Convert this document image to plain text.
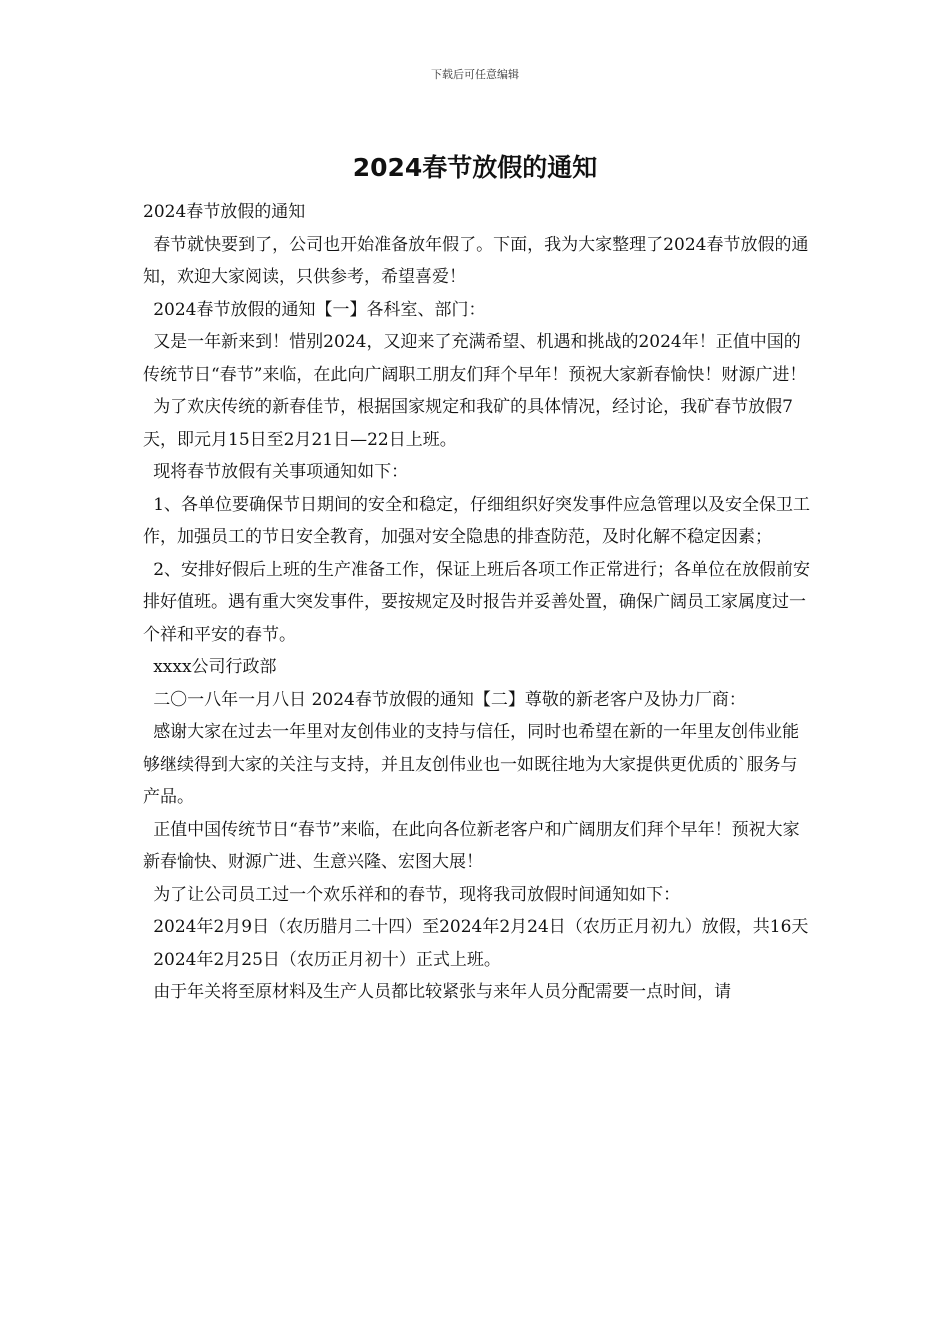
下载后可任意编辑
2024春节放假的通知

2024春节放假的通知

春节就快要到了，公司也开始准备放年假了。下面，我为大家整理了2024春节放假的通知，欢迎大家阅读，只供参考，希望喜爱！

2024春节放假的通知【一】各科室、部门：

又是一年新来到！惜别2024，又迎来了充满希望、机遇和挑战的2024年！正值中国的传统节日“春节”来临，在此向广阔职工朋友们拜个早年！预祝大家新春愉快！财源广进！

为了欢庆传统的新春佳节，根据国家规定和我矿的具体情况，经讨论，我矿春节放假7天，即元月15日至2月21日—22日上班。

现将春节放假有关事项通知如下：

1、各单位要确保节日期间的安全和稳定，仔细组织好突发事件应急管理以及安全保卫工作，加强员工的节日安全教育，加强对安全隐患的排查防范，及时化解不稳定因素；

2、安排好假后上班的生产准备工作，保证上班后各项工作正常进行；各单位在放假前安排好值班。遇有重大突发事件，要按规定及时报告并妥善处置，确保广阔员工家属度过一个祥和平安的春节。

xxxx公司行政部

二〇一八年一月八日 2024春节放假的通知【二】尊敬的新老客户及协力厂商：

感谢大家在过去一年里对友创伟业的支持与信任，同时也希望在新的一年里友创伟业能够继续得到大家的关注与支持，并且友创伟业也一如既往地为大家提供更优质的`服务与产品。

正值中国传统节日“春节”来临，在此向各位新老客户和广阔朋友们拜个早年！预祝大家新春愉快、财源广进、生意兴隆、宏图大展！

为了让公司员工过一个欢乐祥和的春节，现将我司放假时间通知如下：

2024年2月9日（农历腊月二十四）至2024年2月24日（农历正月初九）放假，共16天

2024年2月25日（农历正月初十）正式上班。

由于年关将至原材料及生产人员都比较紧张与来年人员分配需要一点时间，请
